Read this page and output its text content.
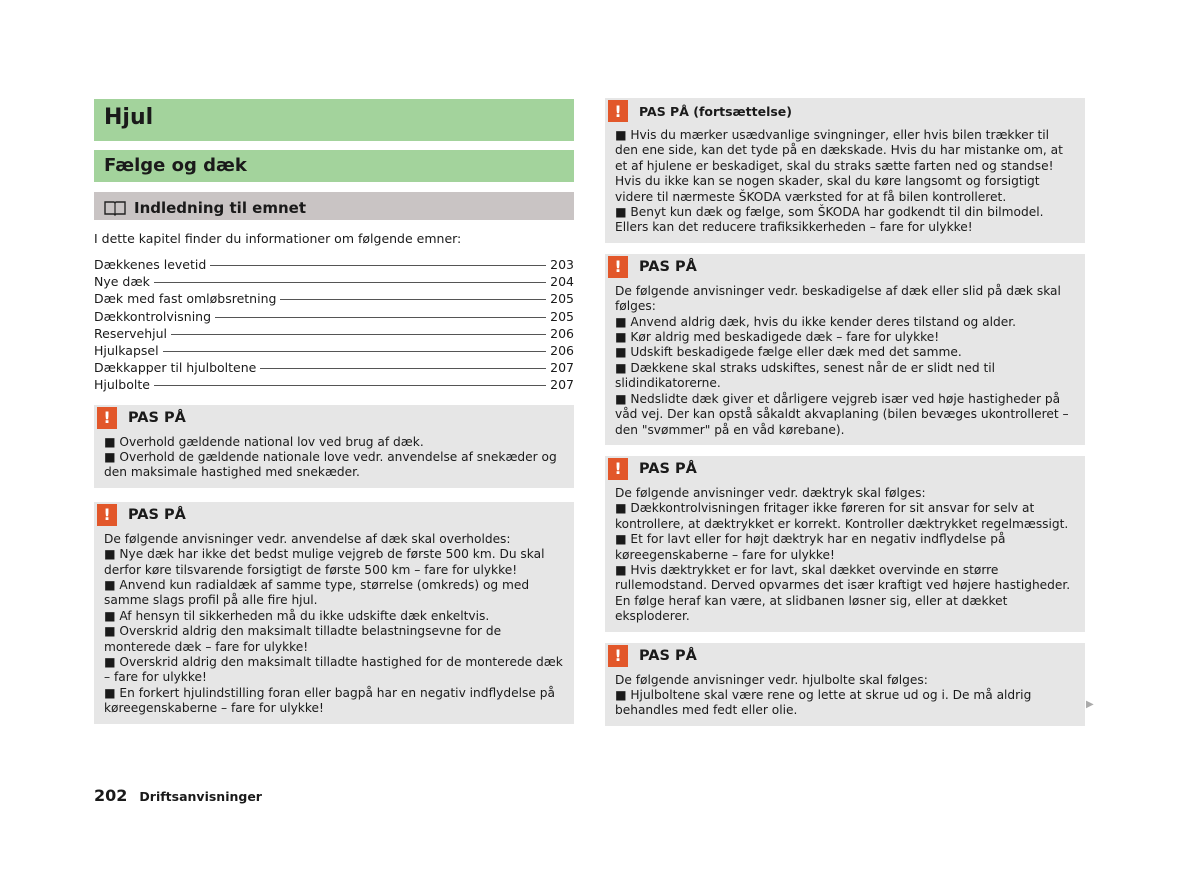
Hjul
Fælge og dæk
Indledning til emnet
I dette kapitel finder du informationer om følgende emner:
Dækkenes levetid	203
Nye dæk	204
Dæk med fast omløbsretning	205
Dækkontrolvisning	205
Reservehjul	206
Hjulkapsel	206
Dækkapper til hjulboltene	207
Hjulbolte	207
!	PAS PÅ

■ Overhold gældende national lov ved brug af dæk.

■ Overhold de gældende nationale love vedr. anvendelse af snekæder og den maksimale hastighed med snekæder.

!	PAS PÅ

De følgende anvisninger vedr. anvendelse af dæk skal overholdes:

■ Nye dæk har ikke det bedst mulige vejgreb de første 500 km. Du skal derfor køre tilsvarende forsigtigt de første 500 km – fare for ulykke!

■ Anvend kun radialdæk af samme type, størrelse (omkreds) og med samme slags profil på alle fire hjul.

■ Af hensyn til sikkerheden må du ikke udskifte dæk enkeltvis.

■ Overskrid aldrig den maksimalt tilladte belastningsevne for de monterede dæk – fare for ulykke!

■ Overskrid aldrig den maksimalt tilladte hastighed for de monterede dæk – fare for ulykke!

■ En forkert hjulindstilling foran eller bagpå har en negativ indflydelse på køreegenskaberne – fare for ulykke!

!	PAS PÅ (fortsættelse)

■ Hvis du mærker usædvanlige svingninger, eller hvis bilen trækker til den ene side, kan det tyde på en dækskade. Hvis du har mistanke om, at et af hjulene er beskadiget, skal du straks sætte farten ned og standse! Hvis du ikke kan se nogen skader, skal du køre langsomt og forsigtigt videre til nærmeste ŠKODA værksted for at få bilen kontrolleret.

■ Benyt kun dæk og fælge, som ŠKODA har godkendt til din bilmodel. Ellers kan det reducere trafiksikkerheden – fare for ulykke!

!	PAS PÅ

De følgende anvisninger vedr. beskadigelse af dæk eller slid på dæk skal følges:

■ Anvend aldrig dæk, hvis du ikke kender deres tilstand og alder.

■ Kør aldrig med beskadigede dæk – fare for ulykke!

■ Udskift beskadigede fælge eller dæk med det samme.

■ Dækkene skal straks udskiftes, senest når de er slidt ned til slidindikatorerne.

■ Nedslidte dæk giver et dårligere vejgreb især ved høje hastigheder på våd vej. Der kan opstå såkaldt akvaplaning (bilen bevæges ukontrolleret – den "svømmer" på en våd kørebane).

!	PAS PÅ

De følgende anvisninger vedr. dæktryk skal følges:

■ Dækkontrolvisningen fritager ikke føreren for sit ansvar for selv at kontrollere, at dæktrykket er korrekt. Kontroller dæktrykket regelmæssigt.

■ Et for lavt eller for højt dæktryk har en negativ indflydelse på køreegenskaberne – fare for ulykke!

■ Hvis dæktrykket er for lavt, skal dækket overvinde en større rullemodstand. Derved opvarmes det især kraftigt ved højere hastigheder. En følge heraf kan være, at slidbanen løsner sig, eller at dækket eksploderer.

!	PAS PÅ

De følgende anvisninger vedr. hjulbolte skal følges:

■ Hjulboltene skal være rene og lette at skrue ud og i. De må aldrig behandles med fedt eller olie.	▶
202 Driftsanvisninger
